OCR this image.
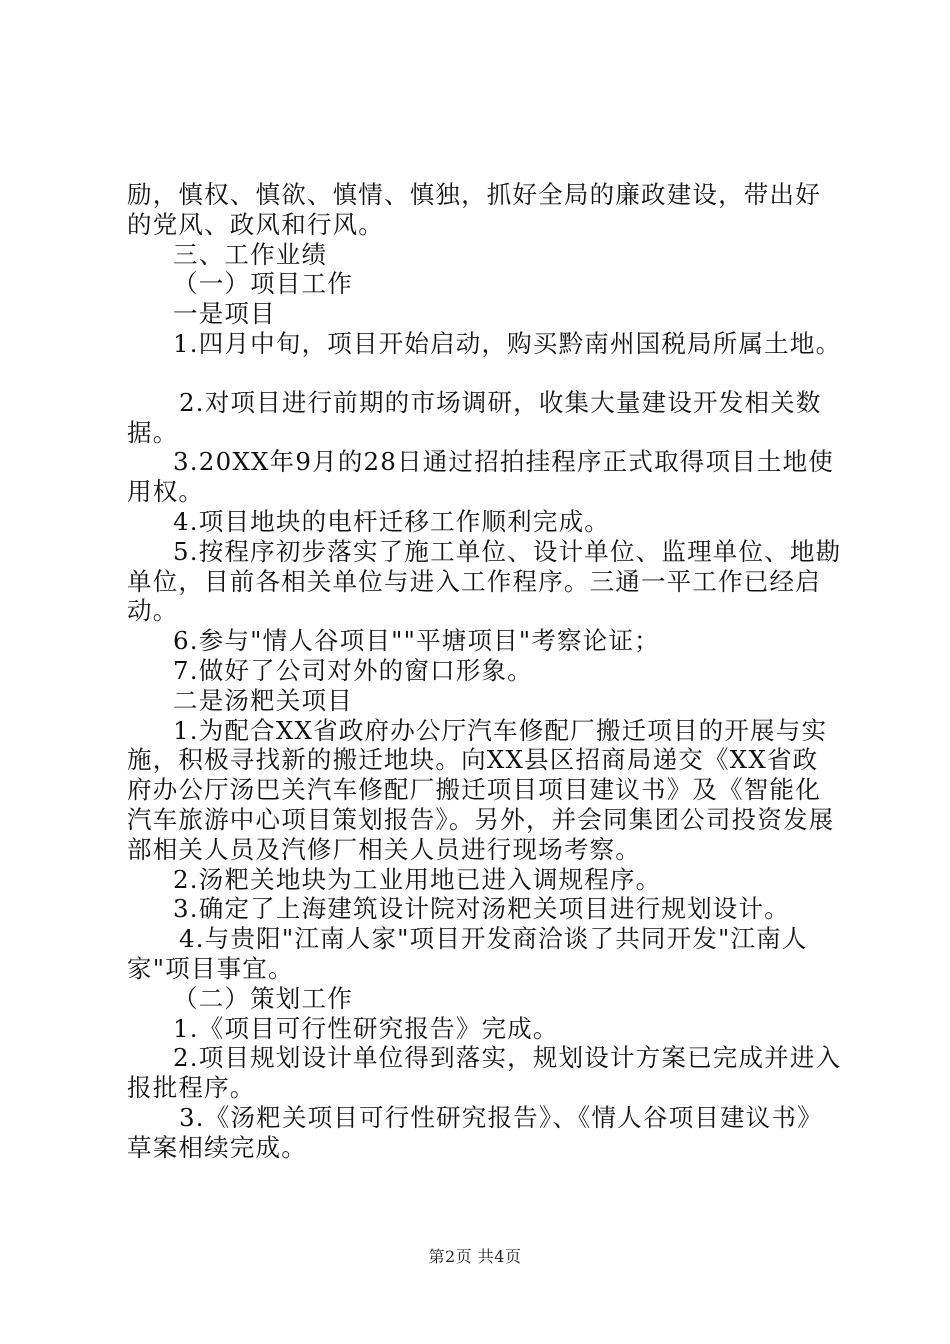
励，慎权、慎欲、慎情、慎独，抓好全局的廉政建设，带出好的党风、政风和行风。

三、工作业绩

（一）项目工作

一是项目

1.四月中旬，项目开始启动，购买黔南州国税局所属土地。

2.对项目进行前期的市场调研，收集大量建设开发相关数据。

3.20XX年9月的28日通过招拍挂程序正式取得项目土地使用权。

4.项目地块的电杆迁移工作顺利完成。

5.按程序初步落实了施工单位、设计单位、监理单位、地勘单位，目前各相关单位与进入工作程序。三通一平工作已经启动。

6.参与"情人谷项目""平塘项目"考察论证；

7.做好了公司对外的窗口形象。

二是汤粑关项目

1.为配合XX省政府办公厅汽车修配厂搬迁项目的开展与实施，积极寻找新的搬迁地块。向XX县区招商局递交《XX省政府办公厅汤巴关汽车修配厂搬迁项目项目建议书》及《智能化汽车旅游中心项目策划报告》。另外，并会同集团公司投资发展部相关人员及汽修厂相关人员进行现场考察。

2.汤粑关地块为工业用地已进入调规程序。

3.确定了上海建筑设计院对汤粑关项目进行规划设计。

4.与贵阳"江南人家"项目开发商洽谈了共同开发"江南人家"项目事宜。

（二）策划工作

1.《项目可行性研究报告》完成。

2.项目规划设计单位得到落实，规划设计方案已完成并进入报批程序。

3.《汤粑关项目可行性研究报告》、《情人谷项目建议书》草案相续完成。

第2页 共4页
